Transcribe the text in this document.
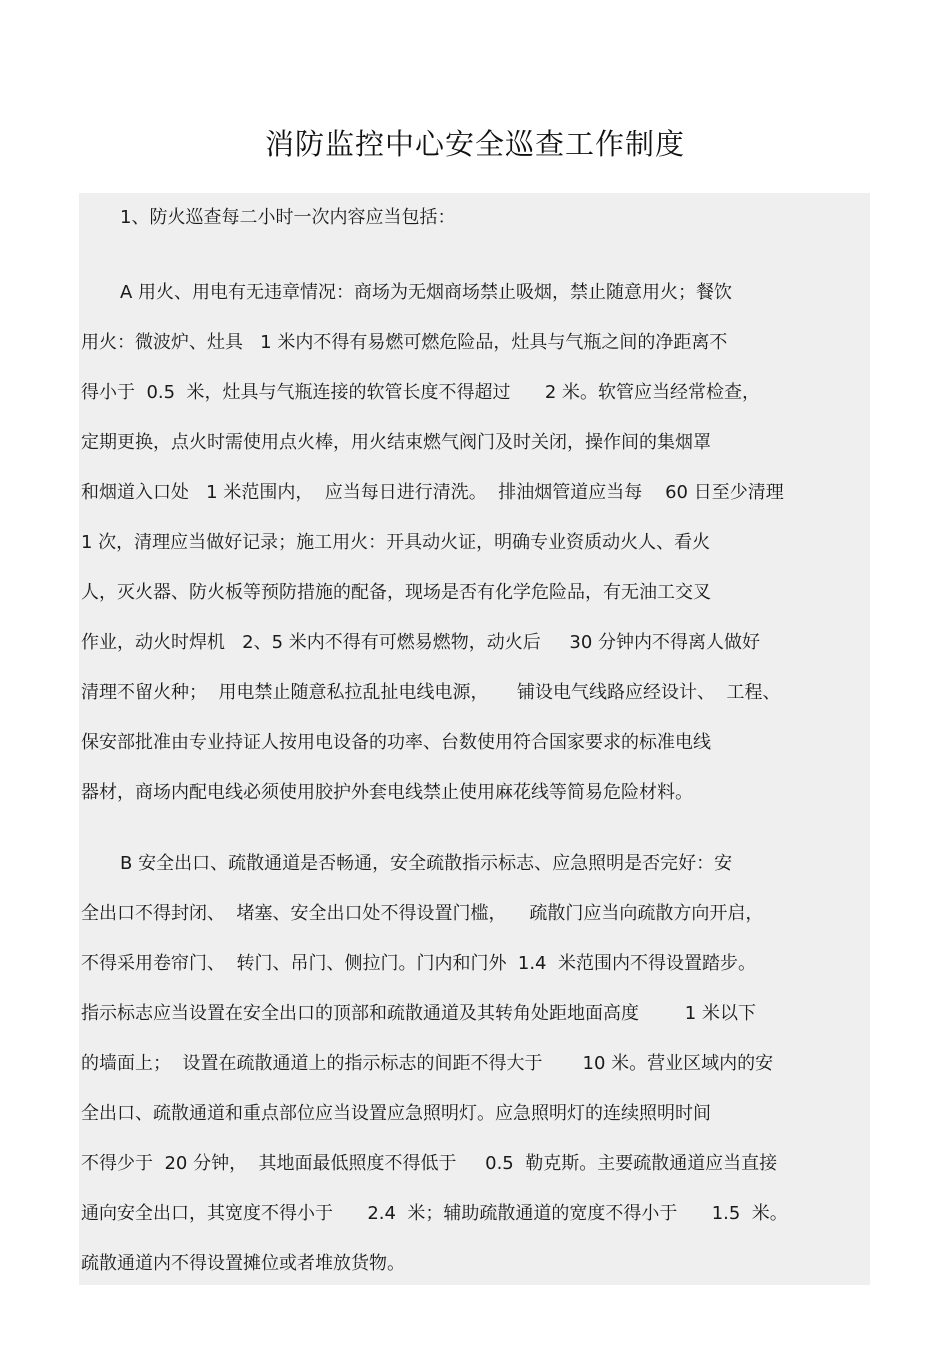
消防监控中心安全巡查工作制度
1、防火巡查每二小时一次内容应当包括：
A 用火、用电有无违章情况：商场为无烟商场禁止吸烟，禁止随意用火；餐饮
用火：微波炉、灶具   1 米内不得有易燃可燃危险品，灶具与气瓶之间的净距离不
得小于  0.5  米，灶具与气瓶连接的软管长度不得超过      2 米。软管应当经常检查，
定期更换，点火时需使用点火棒，用火结束燃气阀门及时关闭，操作间的集烟罩
和烟道入口处   1 米范围内，  应当每日进行清洗。  排油烟管道应当每    60 日至少清理
1 次，清理应当做好记录；施工用火：开具动火证，明确专业资质动火人、看火
人，灭火器、防火板等预防措施的配备，现场是否有化学危险品，有无油工交叉
作业，动火时焊机   2、5 米内不得有可燃易燃物，动火后     30 分钟内不得离人做好
清理不留火种；  用电禁止随意私拉乱扯电线电源，     铺设电气线路应经设计、  工程、
保安部批准由专业持证人按用电设备的功率、台数使用符合国家要求的标准电线
器材，商场内配电线必须使用胶护外套电线禁止使用麻花线等简易危险材料。
B 安全出口、疏散通道是否畅通，安全疏散指示标志、应急照明是否完好：安
全出口不得封闭、  堵塞、安全出口处不得设置门槛，    疏散门应当向疏散方向开启，
不得采用卷帘门、  转门、吊门、侧拉门。门内和门外  1.4  米范围内不得设置踏步。
指示标志应当设置在安全出口的顶部和疏散通道及其转角处距地面高度        1 米以下
的墙面上；  设置在疏散通道上的指示标志的间距不得大于       10 米。营业区域内的安
全出口、疏散通道和重点部位应当设置应急照明灯。应急照明灯的连续照明时间
不得少于  20 分钟，  其地面最低照度不得低于     0.5  勒克斯。主要疏散通道应当直接
通向安全出口，其宽度不得小于      2.4  米；辅助疏散通道的宽度不得小于      1.5  米。
疏散通道内不得设置摊位或者堆放货物。
